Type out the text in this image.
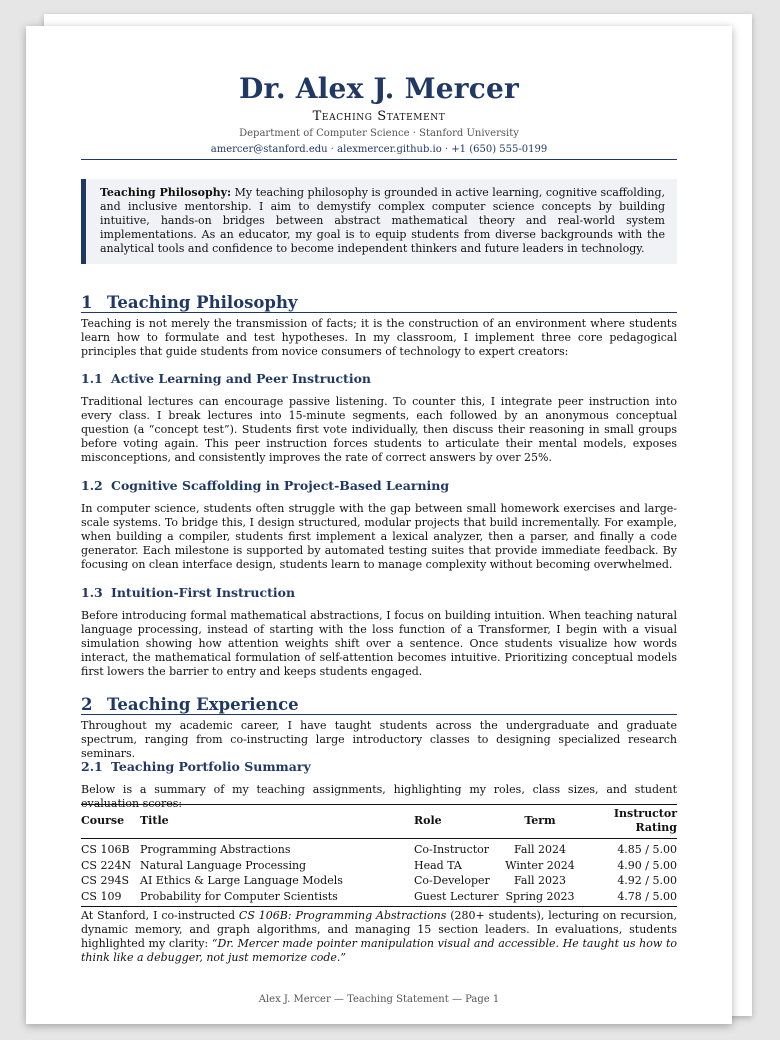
Dr. Alex J. Mercer
Teaching Statement
Department of Computer Science · Stanford University
amercer@stanford.edu · alexmercer.github.io · +1 (650) 555-0199
Teaching Philosophy: My teaching philosophy is grounded in active learning, cognitive scaffolding, and inclusive mentorship. I aim to demystify complex computer science concepts by building intuitive, hands-on bridges between abstract mathematical theory and real-world system implementations. As an educator, my goal is to equip students from diverse backgrounds with the analytical tools and confidence to become independent thinkers and future leaders in technology.
1 Teaching Philosophy

Teaching is not merely the transmission of facts; it is the construction of an environment where students learn how to formulate and test hypotheses. In my classroom, I implement three core pedagogical principles that guide students from novice consumers of technology to expert creators:

1.1 Active Learning and Peer Instruction

Traditional lectures can encourage passive listening. To counter this, I integrate peer instruction into every class. I break lectures into 15-minute segments, each followed by an anonymous conceptual question (a “concept test”). Students first vote individually, then discuss their reasoning in small groups before voting again. This peer instruction forces students to articulate their mental models, exposes misconceptions, and consistently improves the rate of correct answers by over 25%.

1.2 Cognitive Scaffolding in Project-Based Learning

In computer science, students often struggle with the gap between small homework exercises and large-scale systems. To bridge this, I design structured, modular projects that build incrementally. For example, when building a compiler, students first implement a lexical analyzer, then a parser, and finally a code generator. Each milestone is supported by automated testing suites that provide immediate feedback. By focusing on clean interface design, students learn to manage complexity without becoming overwhelmed.

1.3 Intuition-First Instruction

Before introducing formal mathematical abstractions, I focus on building intuition. When teaching natural language processing, instead of starting with the loss function of a Transformer, I begin with a visual simulation showing how attention weights shift over a sentence. Once students visualize how words interact, the mathematical formulation of self-attention becomes intuitive. Prioritizing conceptual models first lowers the barrier to entry and keeps students engaged.

2 Teaching Experience

Throughout my academic career, I have taught students across the undergraduate and graduate spectrum, ranging from co-instructing large introductory classes to designing specialized research seminars.

2.1 Teaching Portfolio Summary

Below is a summary of my teaching assignments, highlighting my roles, class sizes, and student evaluation scores:

Course	Title	Role	Term	Instructor Rating
CS 106B	Programming Abstractions	Co-Instructor	Fall 2024	4.85 / 5.00
CS 224N	Natural Language Processing	Head TA	Winter 2024	4.90 / 5.00
CS 294S	AI Ethics & Large Language Models	Co-Developer	Fall 2023	4.92 / 5.00
CS 109	Probability for Computer Scientists	Guest Lecturer	Spring 2023	4.78 / 5.00

At Stanford, I co-instructed CS 106B: Programming Abstractions (280+ students), lecturing on recursion, dynamic memory, and graph algorithms, and managing 15 section leaders. In evaluations, students highlighted my clarity: “Dr. Mercer made pointer manipulation visual and accessible. He taught us how to think like a debugger, not just memorize code.”

Alex J. Mercer — Teaching Statement — Page 1
